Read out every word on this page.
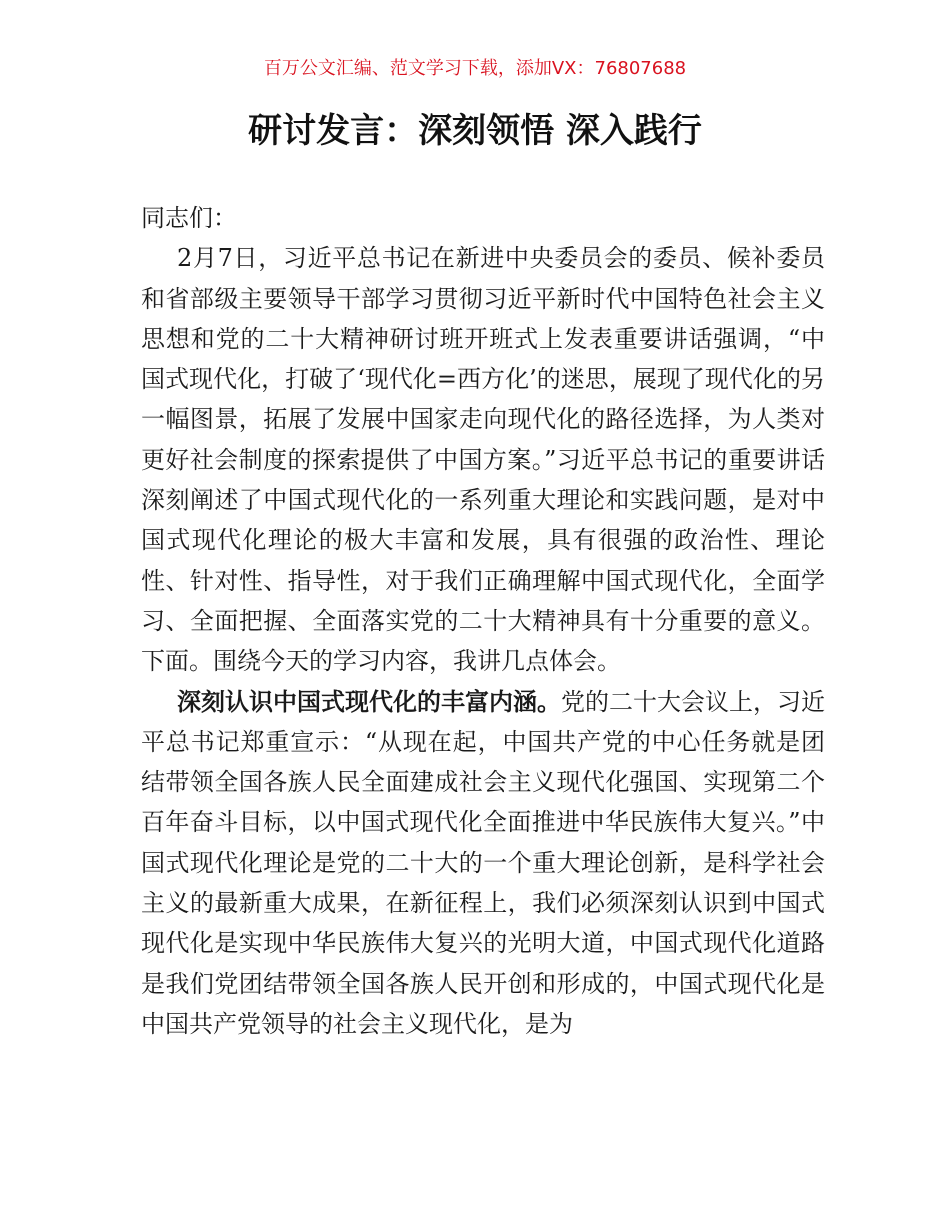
百万公文汇编、范文学习下载，添加VX：76807688
研讨发言：深刻领悟 深入践行

同志们：

2月7日，习近平总书记在新进中央委员会的委员、候补委员和省部级主要领导干部学习贯彻习近平新时代中国特色社会主义思想和党的二十大精神研讨班开班式上发表重要讲话强调，“中国式现代化，打破了‘现代化=西方化’的迷思，展现了现代化的另一幅图景，拓展了发展中国家走向现代化的路径选择，为人类对更好社会制度的探索提供了中国方案。”习近平总书记的重要讲话深刻阐述了中国式现代化的一系列重大理论和实践问题，是对中国式现代化理论的极大丰富和发展，具有很强的政治性、理论性、针对性、指导性，对于我们正确理解中国式现代化，全面学习、全面把握、全面落实党的二十大精神具有十分重要的意义。下面。围绕今天的学习内容，我讲几点体会。

深刻认识中国式现代化的丰富内涵。党的二十大会议上，习近平总书记郑重宣示：“从现在起，中国共产党的中心任务就是团结带领全国各族人民全面建成社会主义现代化强国、实现第二个百年奋斗目标，以中国式现代化全面推进中华民族伟大复兴。”中国式现代化理论是党的二十大的一个重大理论创新，是科学社会主义的最新重大成果，在新征程上，我们必须深刻认识到中国式现代化是实现中华民族伟大复兴的光明大道，中国式现代化道路是我们党团结带领全国各族人民开创和形成的，中国式现代化是中国共产党领导的社会主义现代化，是为
